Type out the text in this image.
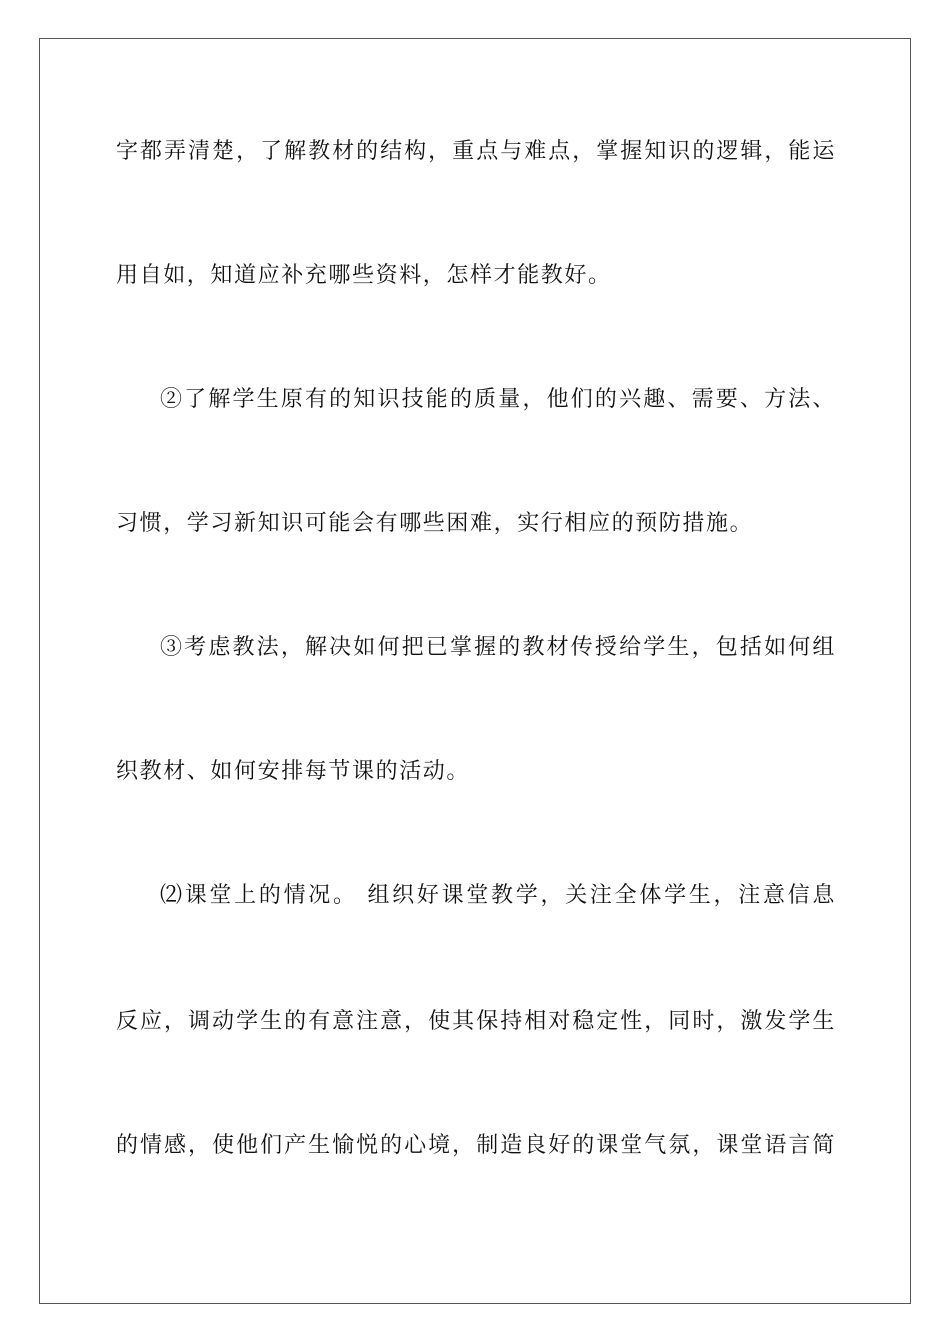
字都弄清楚，了解教材的结构，重点与难点，掌握知识的逻辑，能运
用自如，知道应补充哪些资料，怎样才能教好。
②了解学生原有的知识技能的质量，他们的兴趣、需要、方法、
习惯，学习新知识可能会有哪些困难，实行相应的预防措施。
③考虑教法，解决如何把已掌握的教材传授给学生，包括如何组
织教材、如何安排每节课的活动。
⑵课堂上的情况。 组织好课堂教学，关注全体学生，注意信息
反应，调动学生的有意注意，使其保持相对稳定性，同时，激发学生
的情感，使他们产生愉悦的心境，制造良好的课堂气氛，课堂语言简
